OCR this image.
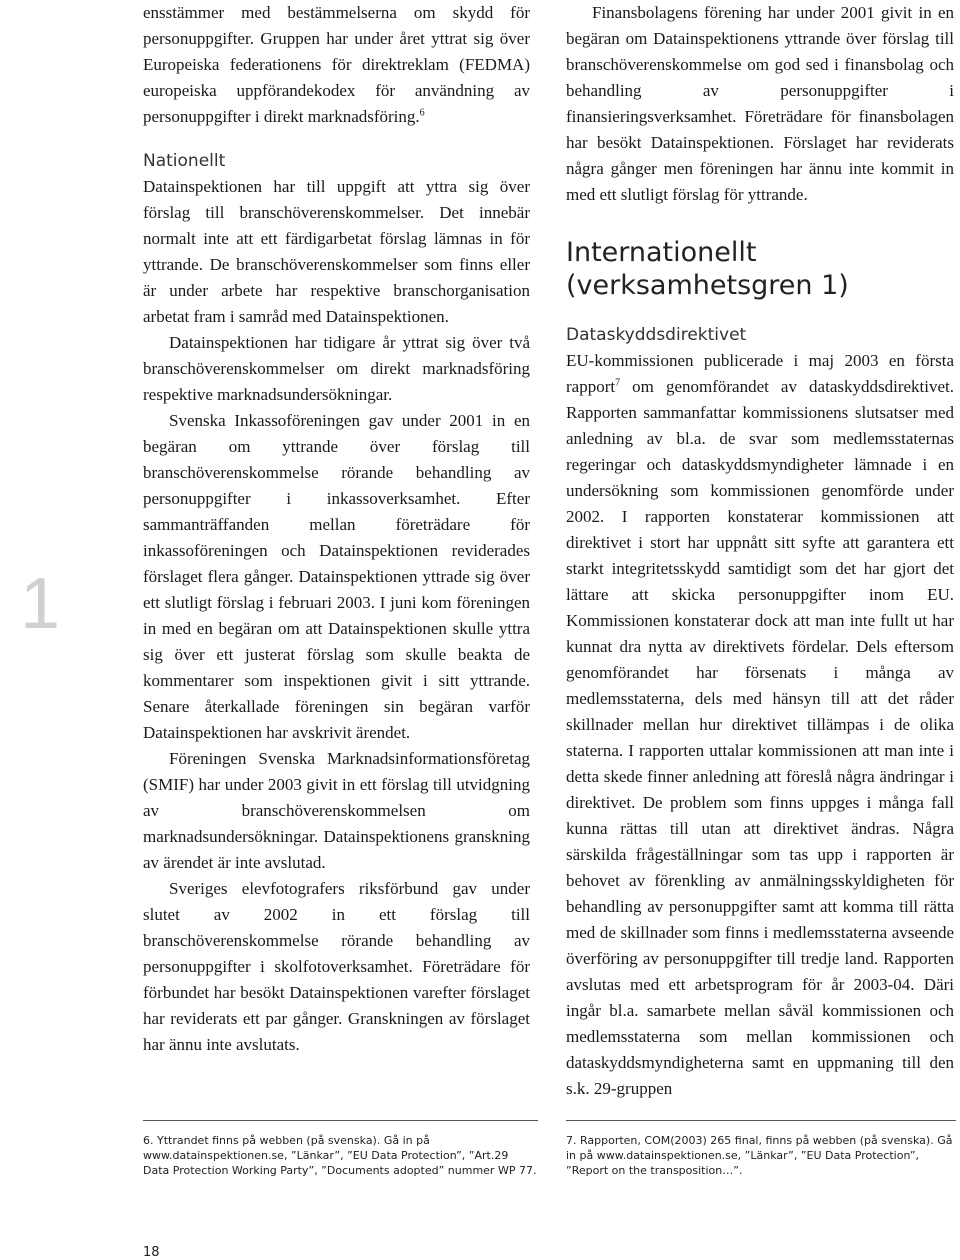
1

ensstämmer med bestämmelserna om skydd för personuppgifter. Gruppen har under året yttrat sig över Europeiska federationens för direktreklam (FEDMA) europeiska uppförandekodex för användning av personuppgifter i direkt marknadsföring.$^6$

Nationellt

Datainspektionen har till uppgift att yttra sig över förslag till branschöverenskommelser. Det innebär normalt inte att ett färdigarbetat förslag lämnas in för yttrande. De branschöverenskommelser som finns eller är under arbete har respektive branschorganisation arbetat fram i samråd med Datainspektionen.

Datainspektionen har tidigare år yttrat sig över två branschöverenskommelser om direkt marknadsföring respektive marknadsundersökningar.

Svenska Inkassoföreningen gav under 2001 in en begäran om yttrande över förslag till branschöverenskommelse rörande behandling av personuppgifter i inkassoverksamhet. Efter sammanträffanden mellan företrädare för inkassoföreningen och Datainspektionen reviderades förslaget flera gånger. Datainspektionen yttrade sig över ett slutligt förslag i februari 2003. I juni kom föreningen in med en begäran om att Datainspektionen skulle yttra sig över ett justerat förslag som skulle beakta de kommentarer som inspektionen givit i sitt yttrande. Senare återkallade föreningen sin begäran varför Datainspektionen har avskrivit ärendet.

Föreningen Svenska Marknadsinformationsföretag (SMIF) har under 2003 givit in ett förslag till utvidgning av branschöverenskommelsen om marknadsundersökningar. Datainspektionens granskning av ärendet är inte avslutad.

Sveriges elevfotografers riksförbund gav under slutet av 2002 in ett förslag till branschöverenskommelse rörande behandling av personuppgifter i skolfotoverksamhet. Företrädare för förbundet har besökt Datainspektionen varefter förslaget har reviderats ett par gånger. Granskningen av förslaget har ännu inte avslutats.

Finansbolagens förening har under 2001 givit in en begäran om Datainspektionens yttrande över förslag till branschöverenskommelse om god sed i finansbolag och behandling av personuppgifter i finansieringsverksamhet. Företrädare för finansbolagen har besökt Datainspektionen. Förslaget har reviderats några gånger men föreningen har ännu inte kommit in med ett slutligt förslag för yttrande.

Internationellt (verksamhetsgren 1)
Dataskyddsdirektivet

EU-kommissionen publicerade i maj 2003 en första rapport$^7$ om genomförandet av dataskyddsdirektivet. Rapporten sammanfattar kommissionens slutsatser med anledning av bl.a. de svar som medlemsstaternas regeringar och dataskyddsmyndigheter lämnade i en undersökning som kommissionen genomförde under 2002. I rapporten konstaterar kommissionen att direktivet i stort har uppnått sitt syfte att garantera ett starkt integritetsskydd samtidigt som det har gjort det lättare att skicka personuppgifter inom EU. Kommissionen konstaterar dock att man inte fullt ut har kunnat dra nytta av direktivets fördelar. Dels eftersom genomförandet har försenats i många av medlemsstaterna, dels med hänsyn till att det råder skillnader mellan hur direktivet tillämpas i de olika staterna. I rapporten uttalar kommissionen att man inte i detta skede finner anledning att föreslå några ändringar i direktivet. De problem som finns uppges i många fall kunna rättas till utan att direktivet ändras. Några särskilda frågeställningar som tas upp i rapporten är behovet av förenkling av anmälningsskyldigheten för behandling av personuppgifter samt att komma till rätta med de skillnader som finns i medlemsstaterna avseende överföring av personuppgifter till tredje land. Rapporten avslutas med ett arbetsprogram för år 2003-04. Däri ingår bl.a. samarbete mellan såväl kommissionen och medlemsstaterna som mellan kommissionen och dataskyddsmyndigheterna samt en uppmaning till den s.k. 29-gruppen

6. Yttrandet finns på webben (på svenska). Gå in på www.datainspektionen.se, ”Länkar”, ”EU Data Protection”, ”Art.29 Data Protection Working Party”, ”Documents adopted” nummer WP 77.
7. Rapporten, COM(2003) 265 final, finns på webben (på svenska). Gå in på www.datainspektionen.se, ”Länkar”, ”EU Data Protection”, ”Report on the transposition…”.
18
